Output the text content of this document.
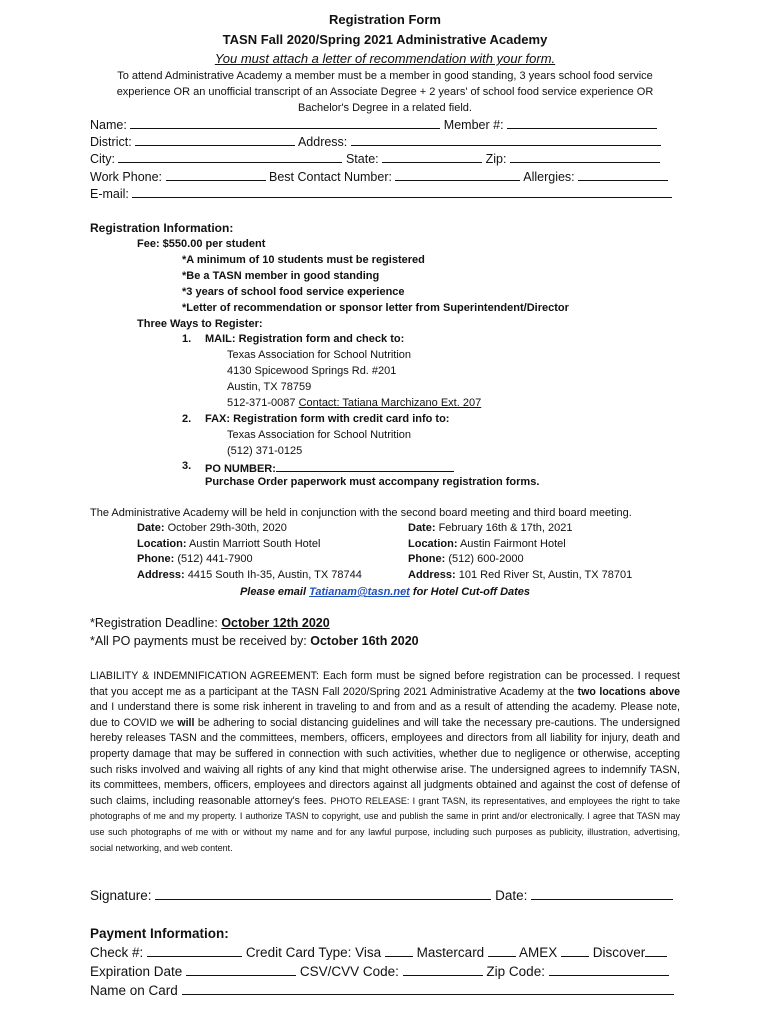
Registration Form
TASN Fall 2020/Spring 2021 Administrative Academy
You must attach a letter of recommendation with your form.
To attend Administrative Academy a member must be a member in good standing, 3 years school food service experience OR an unofficial transcript of an Associate Degree + 2 years' of school food service experience OR Bachelor's Degree in a related field.
Name:	Member #:
District:	Address:
City:	State:	Zip:
Work Phone:	Best Contact Number:	Allergies:
E-mail:
Registration Information:
Fee: $550.00 per student
*A minimum of 10 students must be registered
*Be a TASN member in good standing
*3 years of school food service experience
*Letter of recommendation or sponsor letter from Superintendent/Director
Three Ways to Register:
1. MAIL: Registration form and check to:
Texas Association for School Nutrition
4130 Spicewood Springs Rd. #201
Austin, TX 78759
512-371-0087 Contact: Tatiana Marchizano Ext. 207
2. FAX: Registration form with credit card info to:
Texas Association for School Nutrition
(512) 371-0125
3. PO NUMBER:
Purchase Order paperwork must accompany registration forms.
The Administrative Academy will be held in conjunction with the second board meeting and third board meeting.
Date: October 29th-30th, 2020
Location: Austin Marriott South Hotel
Phone: (512) 441-7900
Address: 4415 South Ih-35, Austin, TX 78744
Date: February 16th & 17th, 2021
Location: Austin Fairmont Hotel
Phone: (512) 600-2000
Address: 101 Red River St, Austin, TX 78701
Please email Tatianam@tasn.net for Hotel Cut-off Dates
*Registration Deadline: October 12th 2020
*All PO payments must be received by: October 16th 2020
LIABILITY & INDEMNIFICATION AGREEMENT: Each form must be signed before registration can be processed. I request that you accept me as a participant at the TASN Fall 2020/Spring 2021 Administrative Academy at the two locations above and I understand there is some risk inherent in traveling to and from and as a result of attending the academy. Please note, due to COVID we will be adhering to social distancing guidelines and will take the necessary pre-cautions. The undersigned hereby releases TASN and the committees, members, officers, employees and directors from all liability for injury, death and property damage that may be suffered in connection with such activities, whether due to negligence or otherwise, accepting such risks involved and waiving all rights of any kind that might otherwise arise. The undersigned agrees to indemnify TASN, its committees, members, officers, employees and directors against all judgments obtained and against the cost of defense of such claims, including reasonable attorney's fees. PHOTO RELEASE: I grant TASN, its representatives, and employees the right to take photographs of me and my property. I authorize TASN to copyright, use and publish the same in print and/or electronically. I agree that TASN may use such photographs of me with or without my name and for any lawful purpose, including such purposes as publicity, illustration, advertising, social networking, and web content.
Signature:	Date:
Payment Information:
Check #:	Credit Card Type: Visa	Mastercard	AMEX	Discover
Expiration Date	CSV/CVV Code:	Zip Code:
Name on Card
